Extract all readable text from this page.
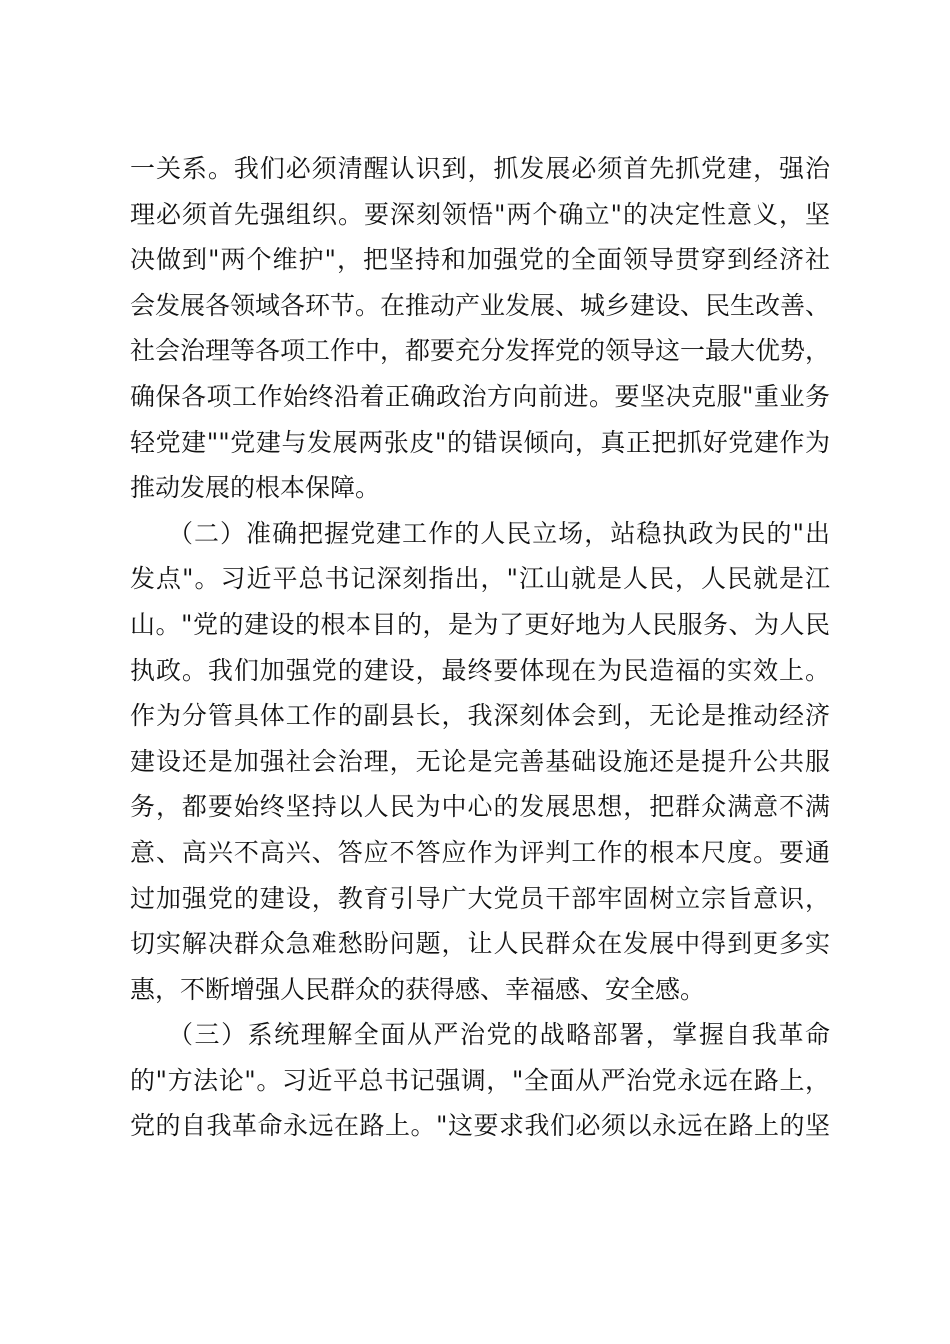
一关系。我们必须清醒认识到，抓发展必须首先抓党建，强治
理必须首先强组织。要深刻领悟"两个确立"的决定性意义，坚
决做到"两个维护"，把坚持和加强党的全面领导贯穿到经济社
会发展各领域各环节。在推动产业发展、城乡建设、民生改善、
社会治理等各项工作中，都要充分发挥党的领导这一最大优势，
确保各项工作始终沿着正确政治方向前进。要坚决克服"重业务
轻党建""党建与发展两张皮"的错误倾向，真正把抓好党建作为
推动发展的根本保障。
（二）准确把握党建工作的人民立场，站稳执政为民的"出
发点"。习近平总书记深刻指出，"江山就是人民，人民就是江
山。"党的建设的根本目的，是为了更好地为人民服务、为人民
执政。我们加强党的建设，最终要体现在为民造福的实效上。
作为分管具体工作的副县长，我深刻体会到，无论是推动经济
建设还是加强社会治理，无论是完善基础设施还是提升公共服
务，都要始终坚持以人民为中心的发展思想，把群众满意不满
意、高兴不高兴、答应不答应作为评判工作的根本尺度。要通
过加强党的建设，教育引导广大党员干部牢固树立宗旨意识，
切实解决群众急难愁盼问题，让人民群众在发展中得到更多实
惠，不断增强人民群众的获得感、幸福感、安全感。
（三）系统理解全面从严治党的战略部署，掌握自我革命
的"方法论"。习近平总书记强调，"全面从严治党永远在路上，
党的自我革命永远在路上。"这要求我们必须以永远在路上的坚
